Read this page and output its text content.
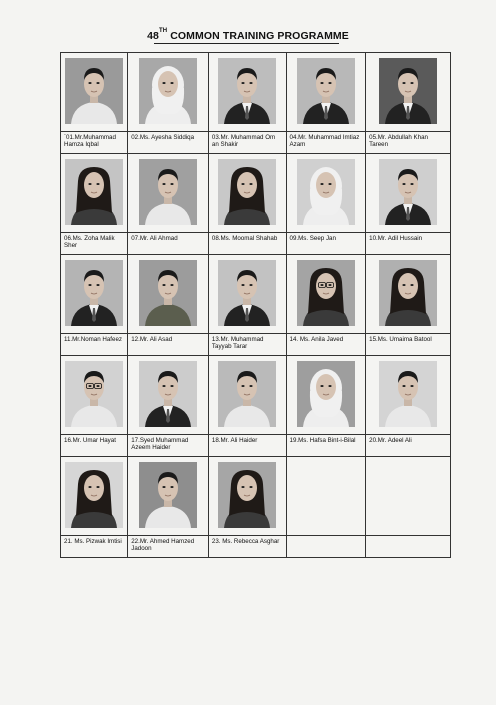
48TH COMMON TRAINING PROGRAMME

`01.Mr.Muhammad Hamza Iqbal	02.Ms. Ayesha Siddiqa	03.Mr. Muhammad Om an Shakir	04.Mr. Muhammad Imtiaz Azam	05.Mr. Abdullah Khan Tareen

06.Ms. Zoha Malik Sher	07.Mr. Ali Ahmad	08.Ms. Moomal Shahab	09.Ms. Seep Jan	10.Mr. Adil Hussain

11.Mr.Noman Hafeez	12.Mr. Ali Asad	13.Mr. Muhammad Tayyab Tarar	14. Ms. Anila Javed	15.Ms. Umaima Batool

16.Mr. Umar Hayat	17.Syed Muhammad Azeem Haider	18.Mr. Ali Haider	19.Ms. Hafsa Bint-i-Bilal	20.Mr. Adeel Ali

21. Ms. Pizwak Imtisi	22.Mr. Ahmed Hamzed Jadoon	23. Ms. Rebecca Asghar		
